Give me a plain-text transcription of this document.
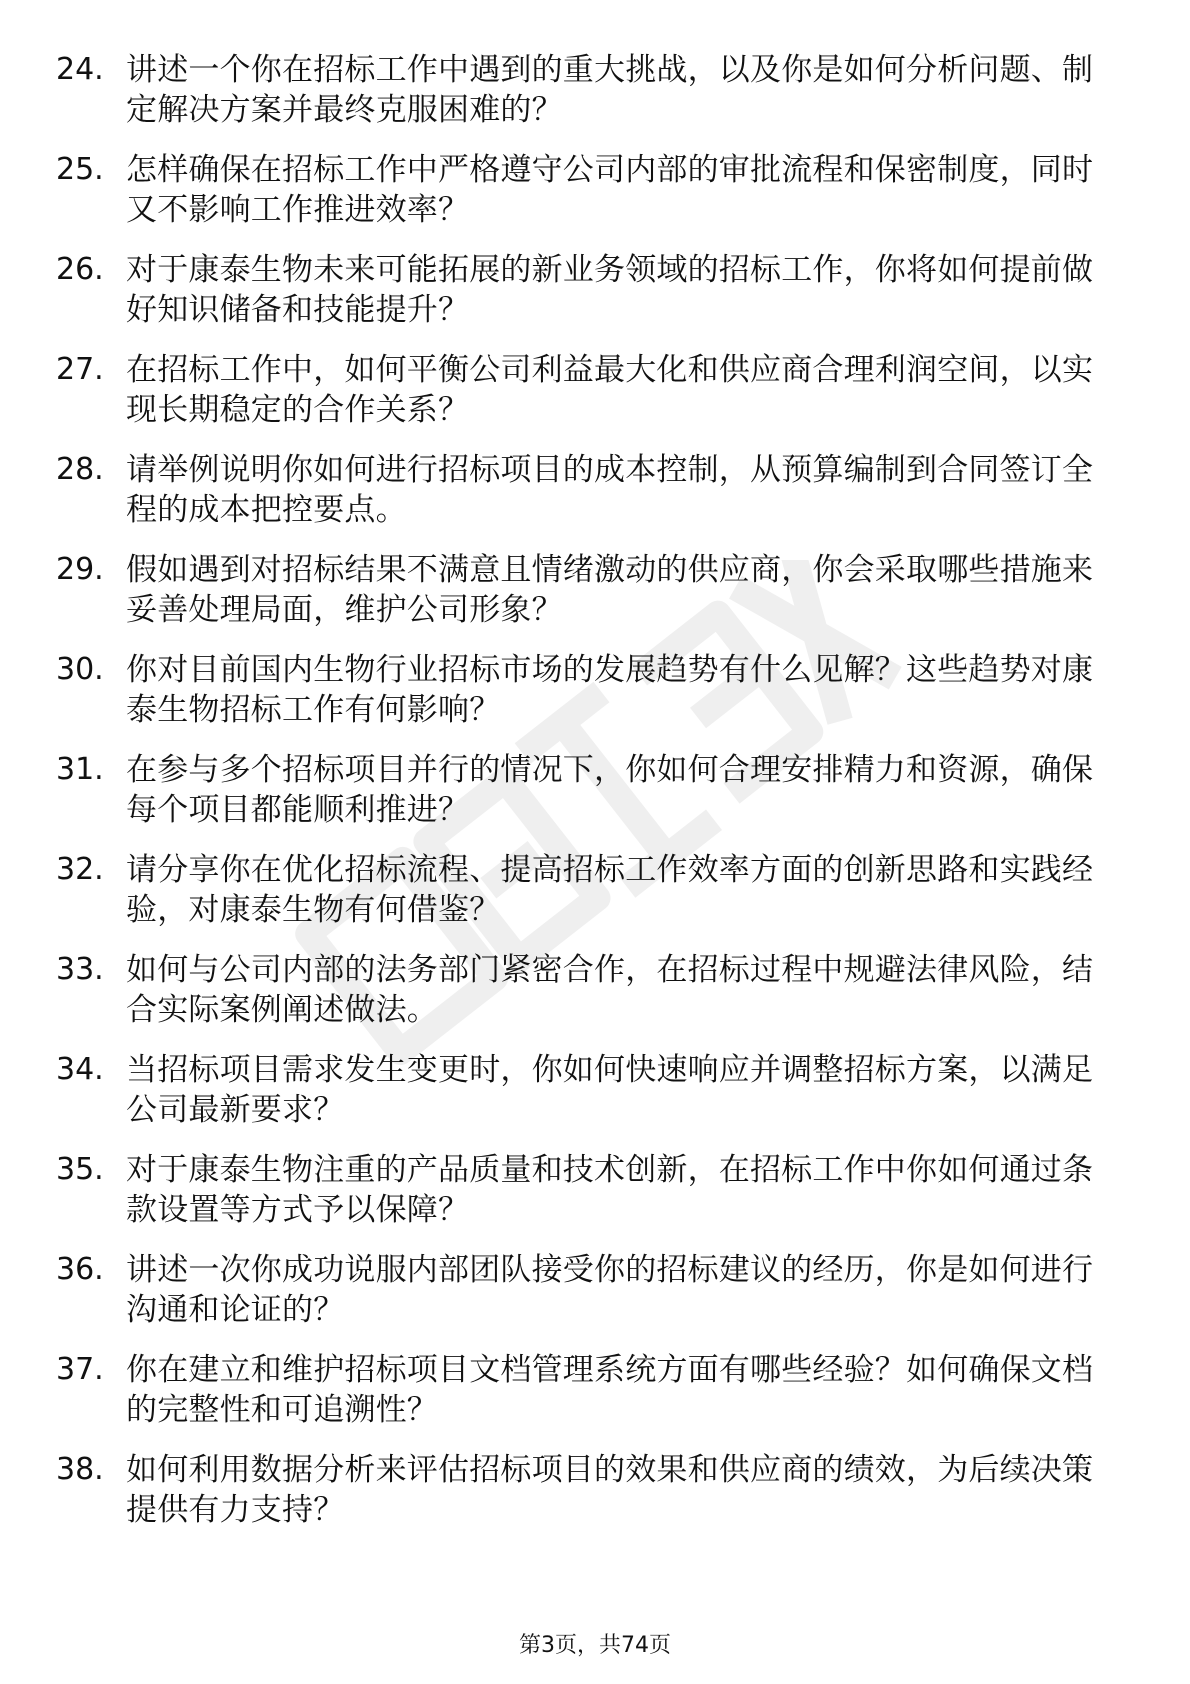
24. 讲述一个你在招标工作中遇到的重大挑战，以及你是如何分析问题、制定解决方案并最终克服困难的？
25. 怎样确保在招标工作中严格遵守公司内部的审批流程和保密制度，同时又不影响工作推进效率？
26. 对于康泰生物未来可能拓展的新业务领域的招标工作，你将如何提前做好知识储备和技能提升？
27. 在招标工作中，如何平衡公司利益最大化和供应商合理利润空间，以实现长期稳定的合作关系？
28. 请举例说明你如何进行招标项目的成本控制，从预算编制到合同签订全程的成本把控要点。
29. 假如遇到对招标结果不满意且情绪激动的供应商，你会采取哪些措施来妥善处理局面，维护公司形象？
30. 你对目前国内生物行业招标市场的发展趋势有什么见解？这些趋势对康泰生物招标工作有何影响？
31. 在参与多个招标项目并行的情况下，你如何合理安排精力和资源，确保每个项目都能顺利推进？
32. 请分享你在优化招标流程、提高招标工作效率方面的创新思路和实践经验，对康泰生物有何借鉴？
33. 如何与公司内部的法务部门紧密合作，在招标过程中规避法律风险，结合实际案例阐述做法。
34. 当招标项目需求发生变更时，你如何快速响应并调整招标方案，以满足公司最新要求？
35. 对于康泰生物注重的产品质量和技术创新，在招标工作中你如何通过条款设置等方式予以保障？
36. 讲述一次你成功说服内部团队接受你的招标建议的经历，你是如何进行沟通和论证的？
37. 你在建立和维护招标项目文档管理系统方面有哪些经验？如何确保文档的完整性和可追溯性？
38. 如何利用数据分析来评估招标项目的效果和供应商的绩效，为后续决策提供有力支持？
第3页，共74页
